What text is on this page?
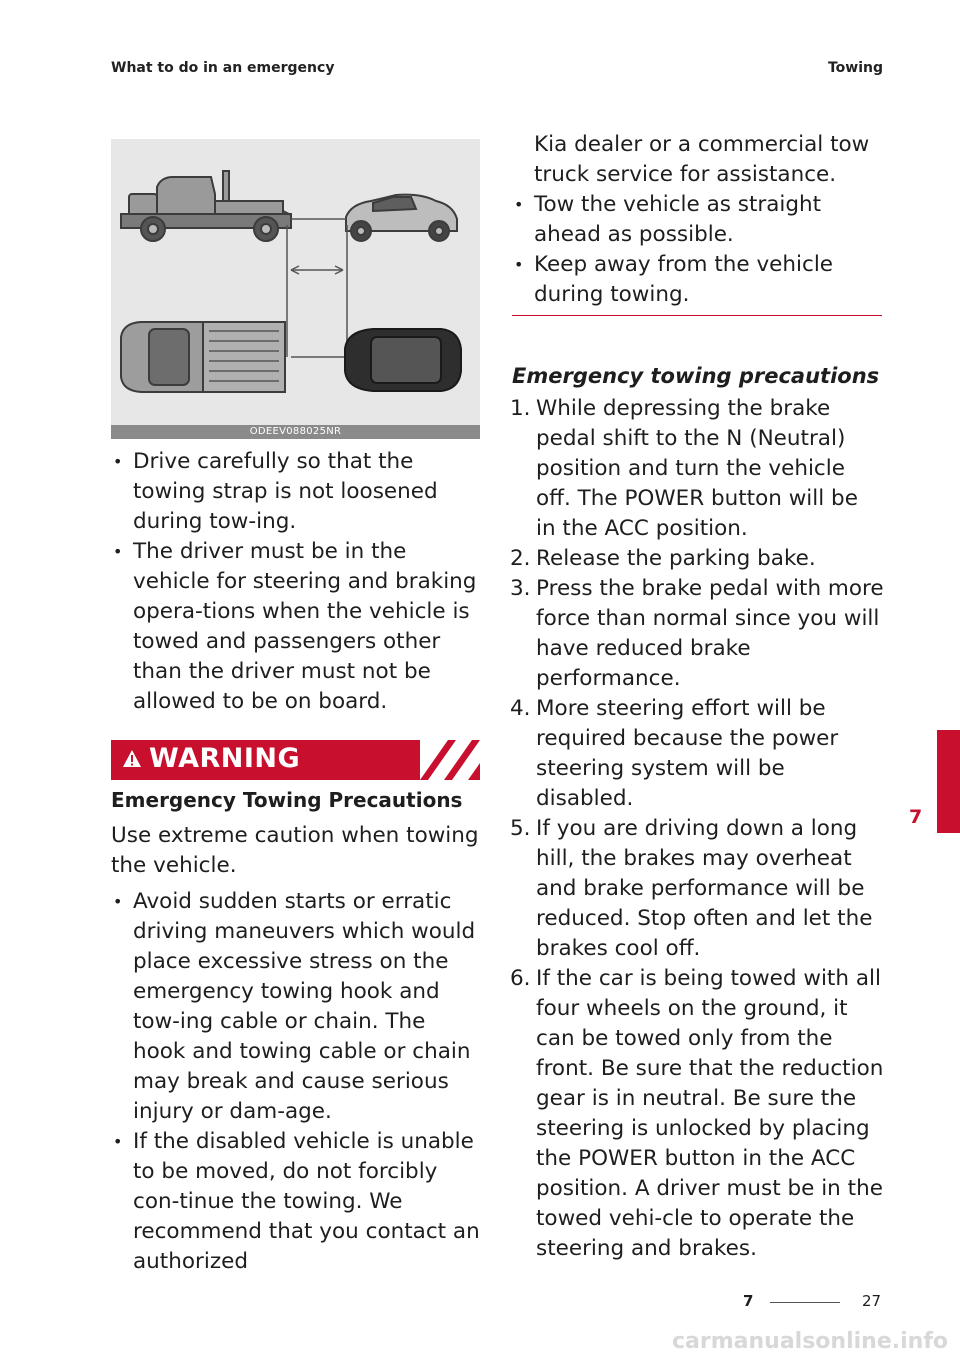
What to do in an emergency	Towing
ODEEV088025NR

• Drive carefully so that the towing strap is not loosened during tow-ing.

• The driver must be in the vehicle for steering and braking opera-tions when the vehicle is towed and passengers other than the driver must not be allowed to be on board.

WARNING
Emergency Towing Precautions

Use extreme caution when towing the vehicle.

• Avoid sudden starts or erratic driving maneuvers which would place excessive stress on the emergency towing hook and tow-ing cable or chain. The hook and towing cable or chain may break and cause serious injury or dam-age.

• If the disabled vehicle is unable to be moved, do not forcibly con-tinue the towing. We recommend that you contact an authorized

Kia dealer or a commercial tow truck service for assistance.

• Tow the vehicle as straight ahead as possible.

• Keep away from the vehicle during towing.

Emergency towing precautions

1. While depressing the brake pedal shift to the N (Neutral) position and turn the vehicle off. The POWER button will be in the ACC position.

2. Release the parking bake.

3. Press the brake pedal with more force than normal since you will have reduced brake performance.

4. More steering effort will be required because the power steering system will be disabled.

5. If you are driving down a long hill, the brakes may overheat and brake performance will be reduced. Stop often and let the brakes cool off.

6. If the car is being towed with all four wheels on the ground, it can be towed only from the front. Be sure that the reduction gear is in neutral. Be sure the steering is unlocked by placing the POWER button in the ACC position. A driver must be in the towed vehi-cle to operate the steering and brakes.

7
7	27
carmanualsonline.info
